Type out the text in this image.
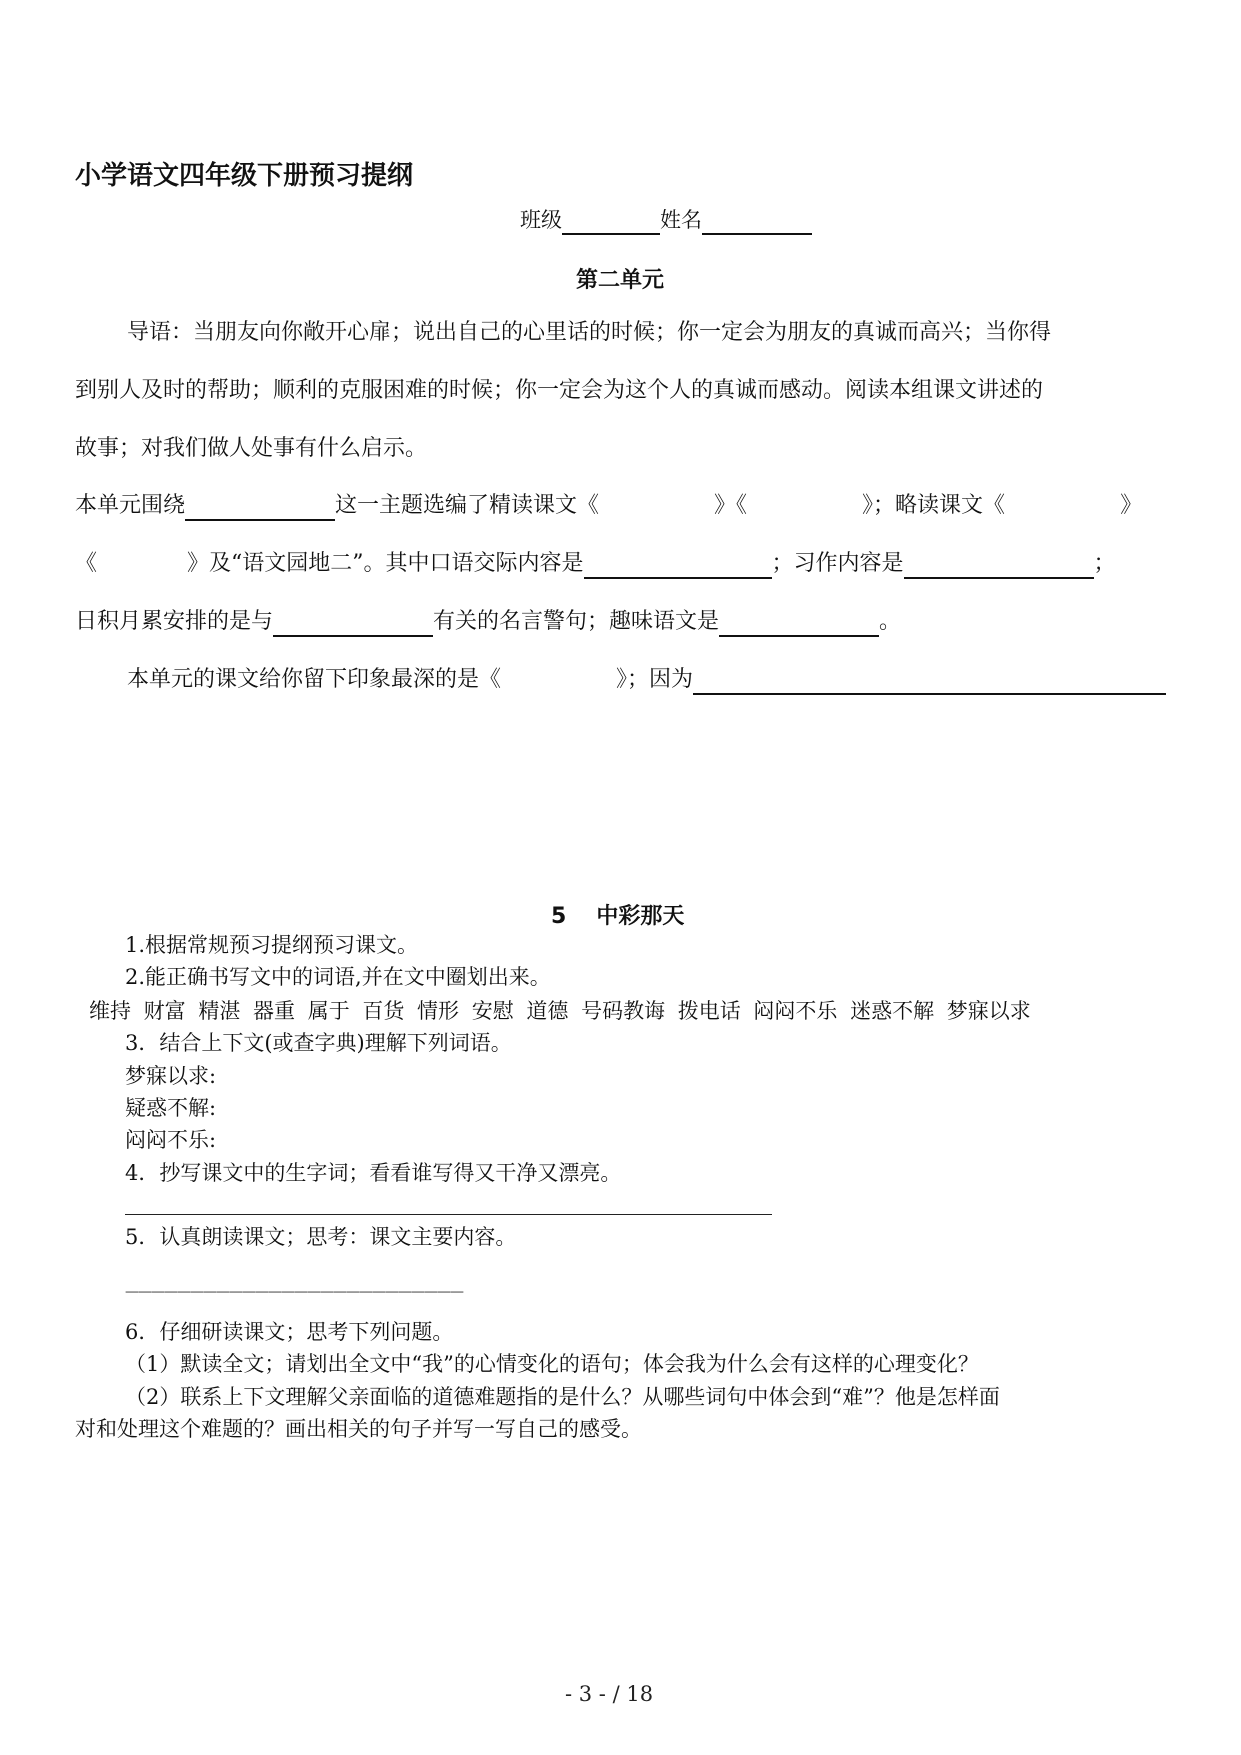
小学语文四年级下册预习提纲
班级	姓名
第二单元
导语：当朋友向你敞开心扉；说出自己的心里话的时候；你一定会为朋友的真诚而高兴；当你得
到别人及时的帮助；顺利的克服困难的时候；你一定会为这个人的真诚而感动。阅读本组课文讲述的
故事；对我们做人处事有什么启示。
本单元围绕	这一主题选编了精读课文《	》《	》；略读课文《	》
《	》及“语文园地二”。其中口语交际内容是	；习作内容是	；
日积月累安排的是与	有关的名言警句；趣味语文是	。
本单元的课文给你留下印象最深的是《	》；因为
5 中彩那天
1.根据常规预习提纲预习课文。
2.能正确书写文中的词语,并在文中圈划出来。
维持 财富 精湛 器重 属于 百货 情形 安慰 道德 号码教诲 拨电话 闷闷不乐 迷惑不解 梦寐以求
3．结合上下文(或查字典)理解下列词语。
梦寐以求:
疑惑不解:
闷闷不乐:
4．抄写课文中的生字词；看看谁写得又干净又漂亮。
5．认真朗读课文；思考：课文主要内容。
——————————————————————————
6．仔细研读课文；思考下列问题。
（1）默读全文；请划出全文中“我”的心情变化的语句；体会我为什么会有这样的心理变化？
（2）联系上下文理解父亲面临的道德难题指的是什么？从哪些词句中体会到“难”？他是怎样面
对和处理这个难题的？画出相关的句子并写一写自己的感受。
- 3 - / 18
